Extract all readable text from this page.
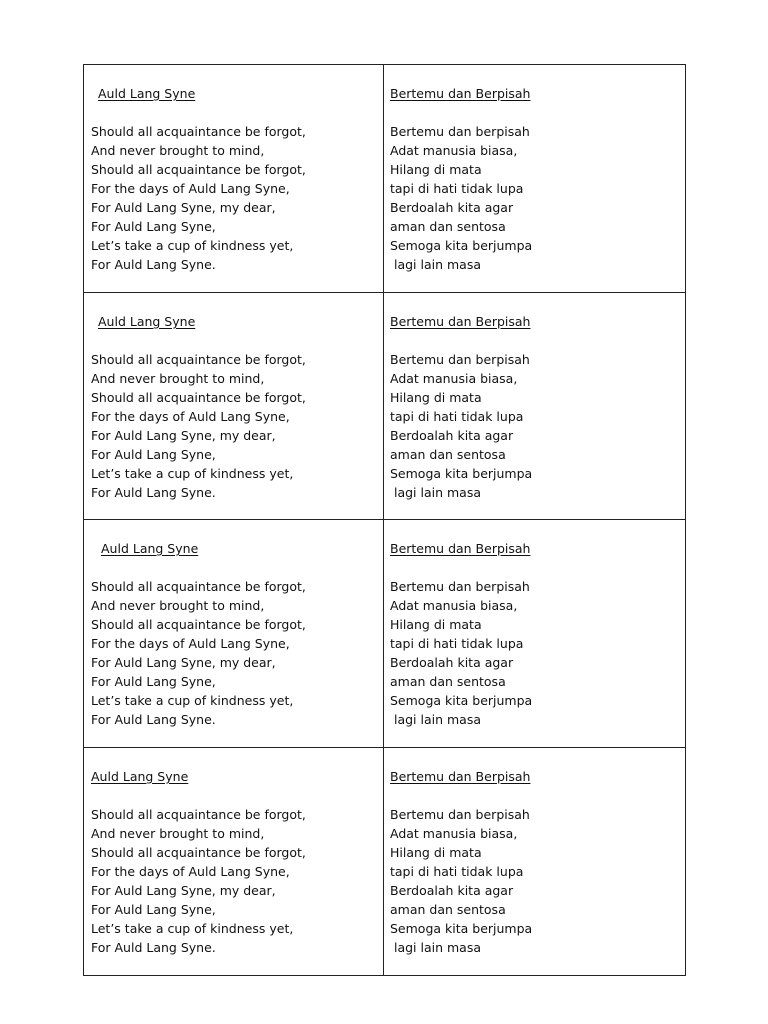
Auld Lang Syne
Should all acquaintance be forgot,
And never brought to mind,
Should all acquaintance be forgot,
For the days of Auld Lang Syne,
For Auld Lang Syne, my dear,
For Auld Lang Syne,
Let’s take a cup of kindness yet,
For Auld Lang Syne.
Bertemu dan Berpisah
Bertemu dan berpisah
Adat manusia biasa,
Hilang di mata
tapi di hati tidak lupa
Berdoalah kita agar
aman dan sentosa
Semoga kita berjumpa
lagi lain masa
Auld Lang Syne
Should all acquaintance be forgot,
And never brought to mind,
Should all acquaintance be forgot,
For the days of Auld Lang Syne,
For Auld Lang Syne, my dear,
For Auld Lang Syne,
Let’s take a cup of kindness yet,
For Auld Lang Syne.
Bertemu dan Berpisah
Bertemu dan berpisah
Adat manusia biasa,
Hilang di mata
tapi di hati tidak lupa
Berdoalah kita agar
aman dan sentosa
Semoga kita berjumpa
lagi lain masa
Auld Lang Syne
Should all acquaintance be forgot,
And never brought to mind,
Should all acquaintance be forgot,
For the days of Auld Lang Syne,
For Auld Lang Syne, my dear,
For Auld Lang Syne,
Let’s take a cup of kindness yet,
For Auld Lang Syne.
Bertemu dan Berpisah
Bertemu dan berpisah
Adat manusia biasa,
Hilang di mata
tapi di hati tidak lupa
Berdoalah kita agar
aman dan sentosa
Semoga kita berjumpa
lagi lain masa
Auld Lang Syne
Should all acquaintance be forgot,
And never brought to mind,
Should all acquaintance be forgot,
For the days of Auld Lang Syne,
For Auld Lang Syne, my dear,
For Auld Lang Syne,
Let’s take a cup of kindness yet,
For Auld Lang Syne.
Bertemu dan Berpisah
Bertemu dan berpisah
Adat manusia biasa,
Hilang di mata
tapi di hati tidak lupa
Berdoalah kita agar
aman dan sentosa
Semoga kita berjumpa
lagi lain masa
